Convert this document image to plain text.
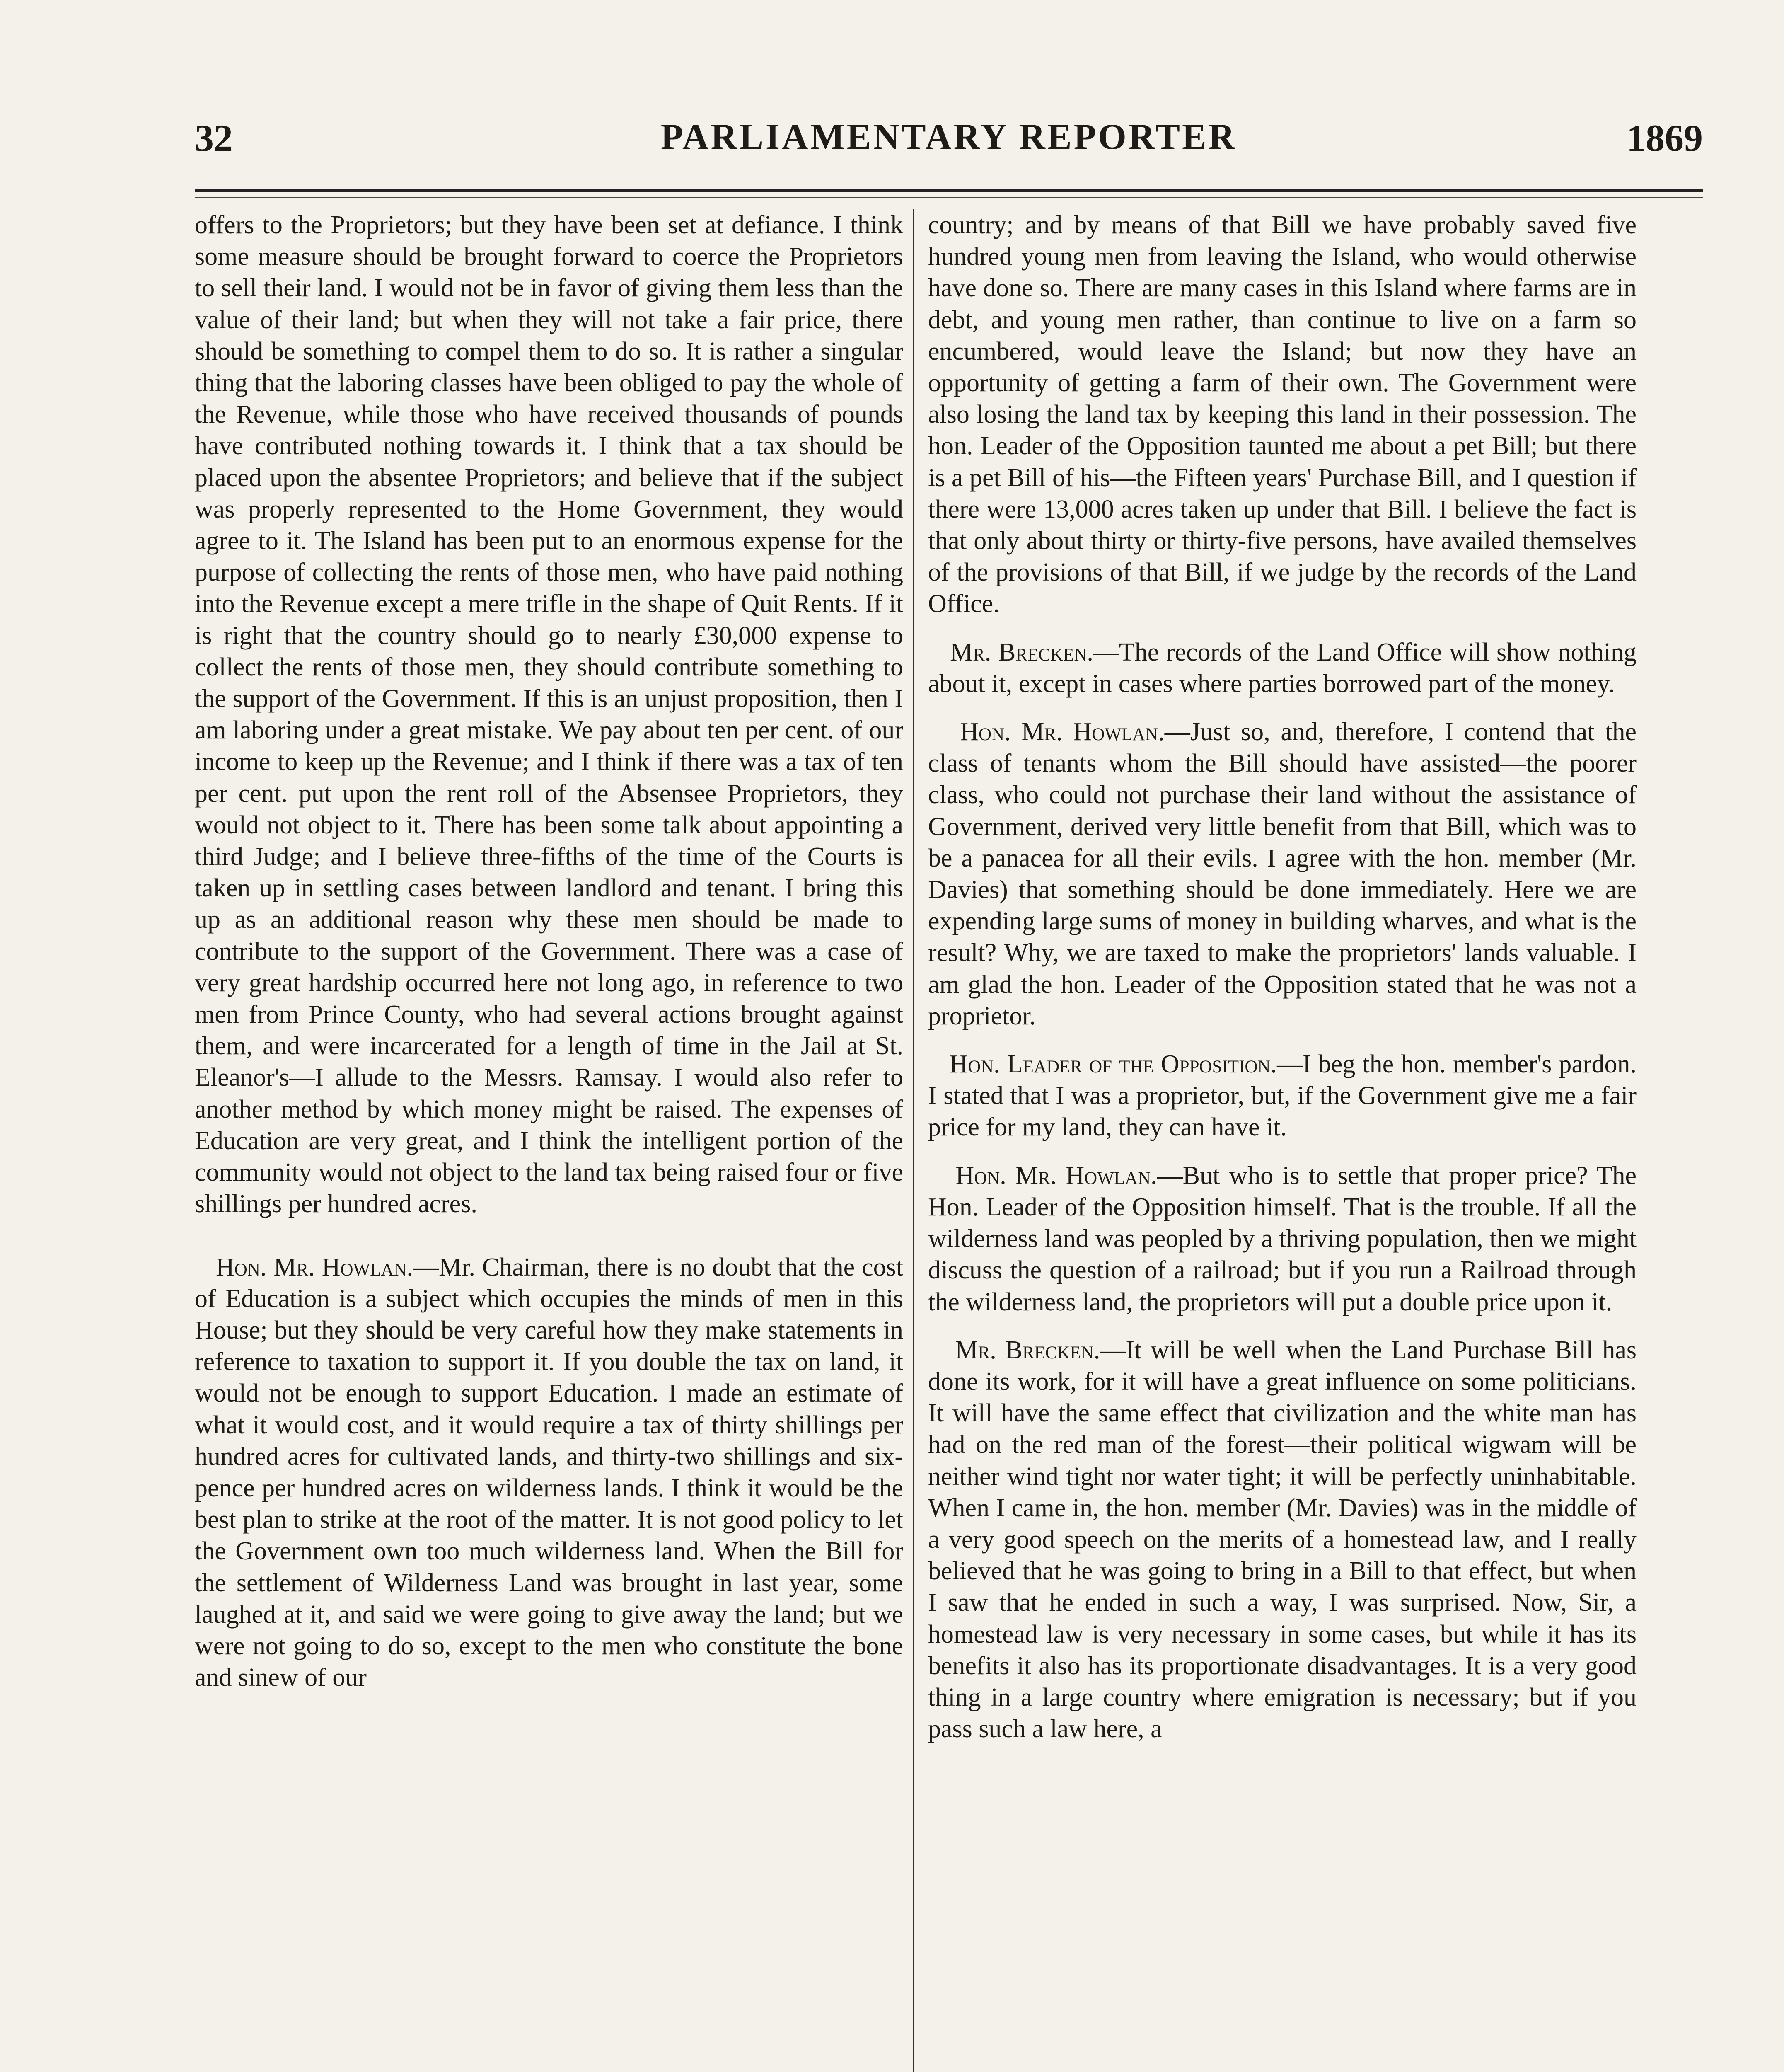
32	PARLIAMENTARY REPORTER	1869

offers to the Proprietors; but they have been set at defiance. I think some measure should be brought forward to coerce the Proprietors to sell their land. I would not be in favor of giving them less than the value of their land; but when they will not take a fair price, there should be something to compel them to do so. It is rather a singular thing that the laboring classes have been obliged to pay the whole of the Revenue, while those who have received thousands of pounds have contributed nothing towards it. I think that a tax should be placed upon the absentee Proprietors; and believe that if the subject was properly represented to the Home Government, they would agree to it. The Island has been put to an enormous expense for the purpose of collecting the rents of those men, who have paid nothing into the Revenue except a mere trifle in the shape of Quit Rents. If it is right that the country should go to nearly £30,000 expense to collect the rents of those men, they should contribute something to the support of the Government. If this is an unjust proposition, then I am laboring under a great mistake. We pay about ten per cent. of our income to keep up the Revenue; and I think if there was a tax of ten per cent. put upon the rent roll of the Absensee Proprietors, they would not object to it. There has been some talk about appointing a third Judge; and I believe three-fifths of the time of the Courts is taken up in settling cases between landlord and tenant. I bring this up as an additional reason why these men should be made to contribute to the support of the Government. There was a case of very great hardship occurred here not long ago, in reference to two men from Prince County, who had several actions brought against them, and were incarcerated for a length of time in the Jail at St. Eleanor's—I allude to the Messrs. Ramsay. I would also refer to another method by which money might be raised. The expenses of Education are very great, and I think the intelligent portion of the community would not object to the land tax being raised four or five shillings per hundred acres.

Hon. Mr. Howlan.—Mr. Chairman, there is no doubt that the cost of Education is a subject which occupies the minds of men in this House; but they should be very careful how they make statements in reference to taxation to support it. If you double the tax on land, it would not be enough to support Education. I made an estimate of what it would cost, and it would require a tax of thirty shillings per hundred acres for cultivated lands, and thirty-two shillings and six-pence per hundred acres on wilderness lands. I think it would be the best plan to strike at the root of the matter. It is not good policy to let the Government own too much wilderness land. When the Bill for the settlement of Wilderness Land was brought in last year, some laughed at it, and said we were going to give away the land; but we were not going to do so, except to the men who constitute the bone and sinew of our

country; and by means of that Bill we have probably saved five hundred young men from leaving the Island, who would otherwise have done so. There are many cases in this Island where farms are in debt, and young men rather, than continue to live on a farm so encumbered, would leave the Island; but now they have an opportunity of getting a farm of their own. The Government were also losing the land tax by keeping this land in their possession. The hon. Leader of the Opposition taunted me about a pet Bill; but there is a pet Bill of his—the Fifteen years' Purchase Bill, and I question if there were 13,000 acres taken up under that Bill. I believe the fact is that only about thirty or thirty-five persons, have availed themselves of the provisions of that Bill, if we judge by the records of the Land Office.

Mr. Brecken.—The records of the Land Office will show nothing about it, except in cases where parties borrowed part of the money.

Hon. Mr. Howlan.—Just so, and, therefore, I contend that the class of tenants whom the Bill should have assisted—the poorer class, who could not purchase their land without the assistance of Government, derived very little benefit from that Bill, which was to be a panacea for all their evils. I agree with the hon. member (Mr. Davies) that something should be done immediately. Here we are expending large sums of money in building wharves, and what is the result? Why, we are taxed to make the proprietors' lands valuable. I am glad the hon. Leader of the Opposition stated that he was not a proprietor.

Hon. Leader of the Opposition.—I beg the hon. member's pardon. I stated that I was a proprietor, but, if the Government give me a fair price for my land, they can have it.

Hon. Mr. Howlan.—But who is to settle that proper price? The Hon. Leader of the Opposition himself. That is the trouble. If all the wilderness land was peopled by a thriving population, then we might discuss the question of a railroad; but if you run a Railroad through the wilderness land, the proprietors will put a double price upon it.

Mr. Brecken.—It will be well when the Land Purchase Bill has done its work, for it will have a great influence on some politicians. It will have the same effect that civilization and the white man has had on the red man of the forest—their political wigwam will be neither wind tight nor water tight; it will be perfectly uninhabitable. When I came in, the hon. member (Mr. Davies) was in the middle of a very good speech on the merits of a homestead law, and I really believed that he was going to bring in a Bill to that effect, but when I saw that he ended in such a way, I was surprised. Now, Sir, a homestead law is very necessary in some cases, but while it has its benefits it also has its proportionate disadvantages. It is a very good thing in a large country where emigration is necessary; but if you pass such a law here, a
